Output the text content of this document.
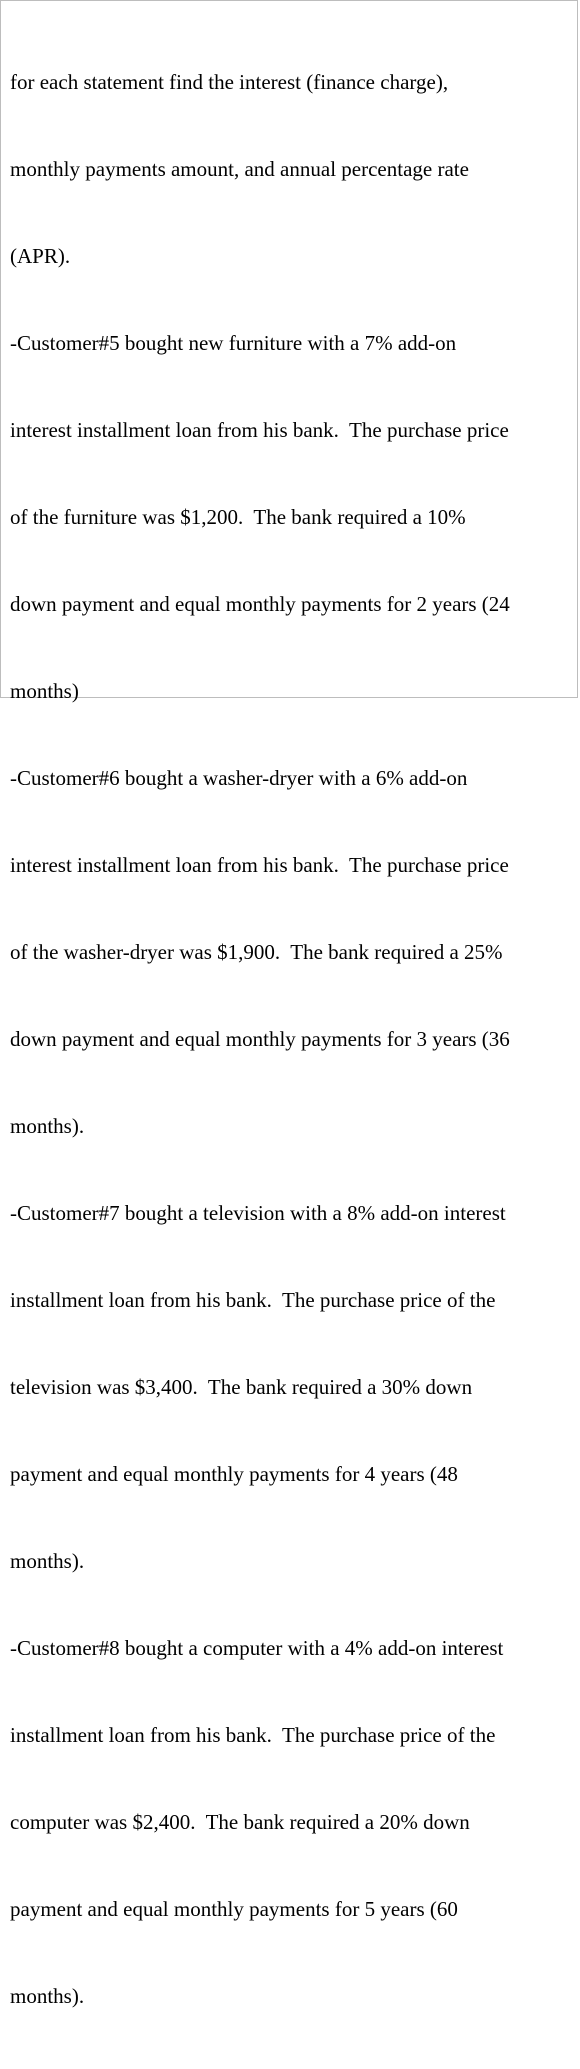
for each statement find the interest (finance charge),

monthly payments amount, and annual percentage rate

(APR).

-Customer#5 bought new furniture with a 7% add-on

interest installment loan from his bank.  The purchase price

of the furniture was $1,200.  The bank required a 10%

down payment and equal monthly payments for 2 years (24

months)

-Customer#6 bought a washer-dryer with a 6% add-on

interest installment loan from his bank.  The purchase price

of the washer-dryer was $1,900.  The bank required a 25%

down payment and equal monthly payments for 3 years (36

months).

-Customer#7 bought a television with a 8% add-on interest

installment loan from his bank.  The purchase price of the

television was $3,400.  The bank required a 30% down

payment and equal monthly payments for 4 years (48

months).

-Customer#8 bought a computer with a 4% add-on interest

installment loan from his bank.  The purchase price of the

computer was $2,400.  The bank required a 20% down

payment and equal monthly payments for 5 years (60

months).
